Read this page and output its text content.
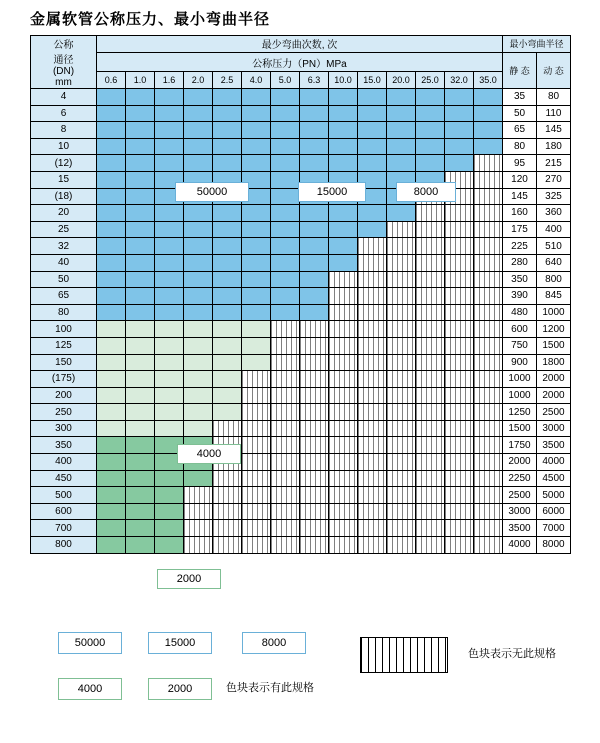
金属软管公称压力、最小弯曲半径
公称
通径
(DN)
mm	最少弯曲次数, 次														最小弯曲半径	
	公称压力（PN）MPa														静 态	动 态
	0.6	1.0	1.6	2.0	2.5	4.0	5.0	6.3	10.0	15.0	20.0	25.0	32.0	35.0		
4															35	80
6															50	110
8															65	145
10															80	180
(12)															95	215
15															120	270
(18)															145	325
20															160	360
25															175	400
32															225	510
40															280	640
50															350	800
65															390	845
80															480	1000
100															600	1200
125															750	1500
150															900	1800
(175)															1000	2000
200															1000	2000
250															1250	2500
300															1500	3000
350															1750	3500
400															2000	4000
450															2250	4500
500															2500	5000
600															3000	6000
700															3500	7000
800															4000	8000
50000	15000	8000
4000
2000
50000	15000	8000
色块表示无此规格
4000	2000	色块表示有此规格
